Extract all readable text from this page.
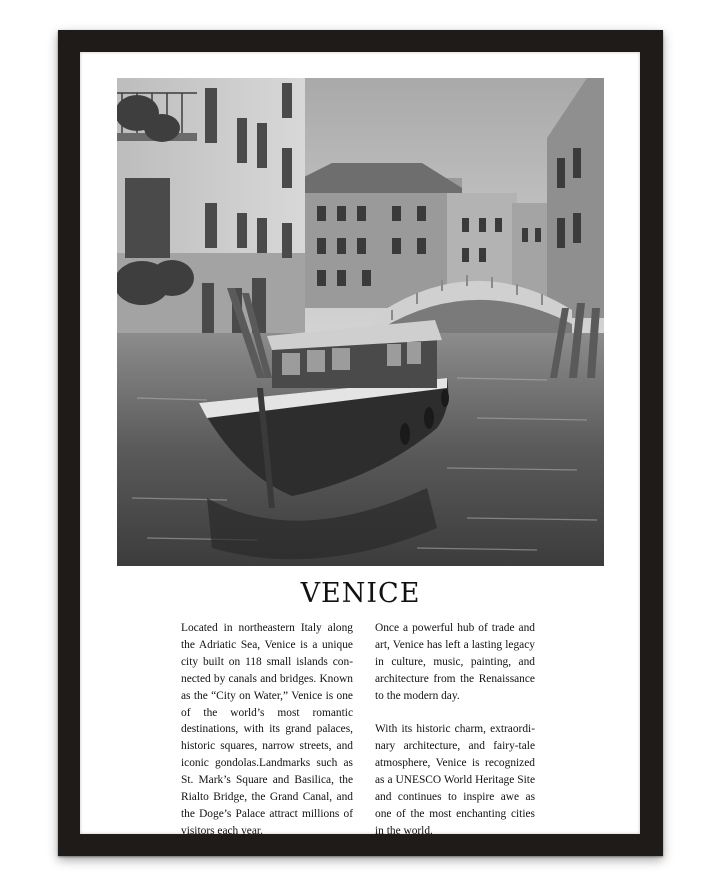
VENICE

Located in northeastern Italy along the Adriatic Sea, Venice is a unique city built on 118 small islands connected by canals and bridges. Known as the “City on Water,” Venice is one of the world’s most romantic destinations, with its grand palaces, historic squares, narrow streets, and iconic gondolas.Landmarks such as St. Mark’s Square and Basilica, the Rialto Bridge, the Grand Canal, and the Doge’s Palace attract millions of visitors each year.

Once a powerful hub of trade and art, Venice has left a lasting legacy in culture, music, painting, and architecture from the Renaissance to the modern day.

With its historic charm, extraordinary architecture, and fairy-tale atmosphere, Venice is recognized as a UNESCO World Heritage Site and continues to inspire awe as one of the most enchanting cities in the world.
